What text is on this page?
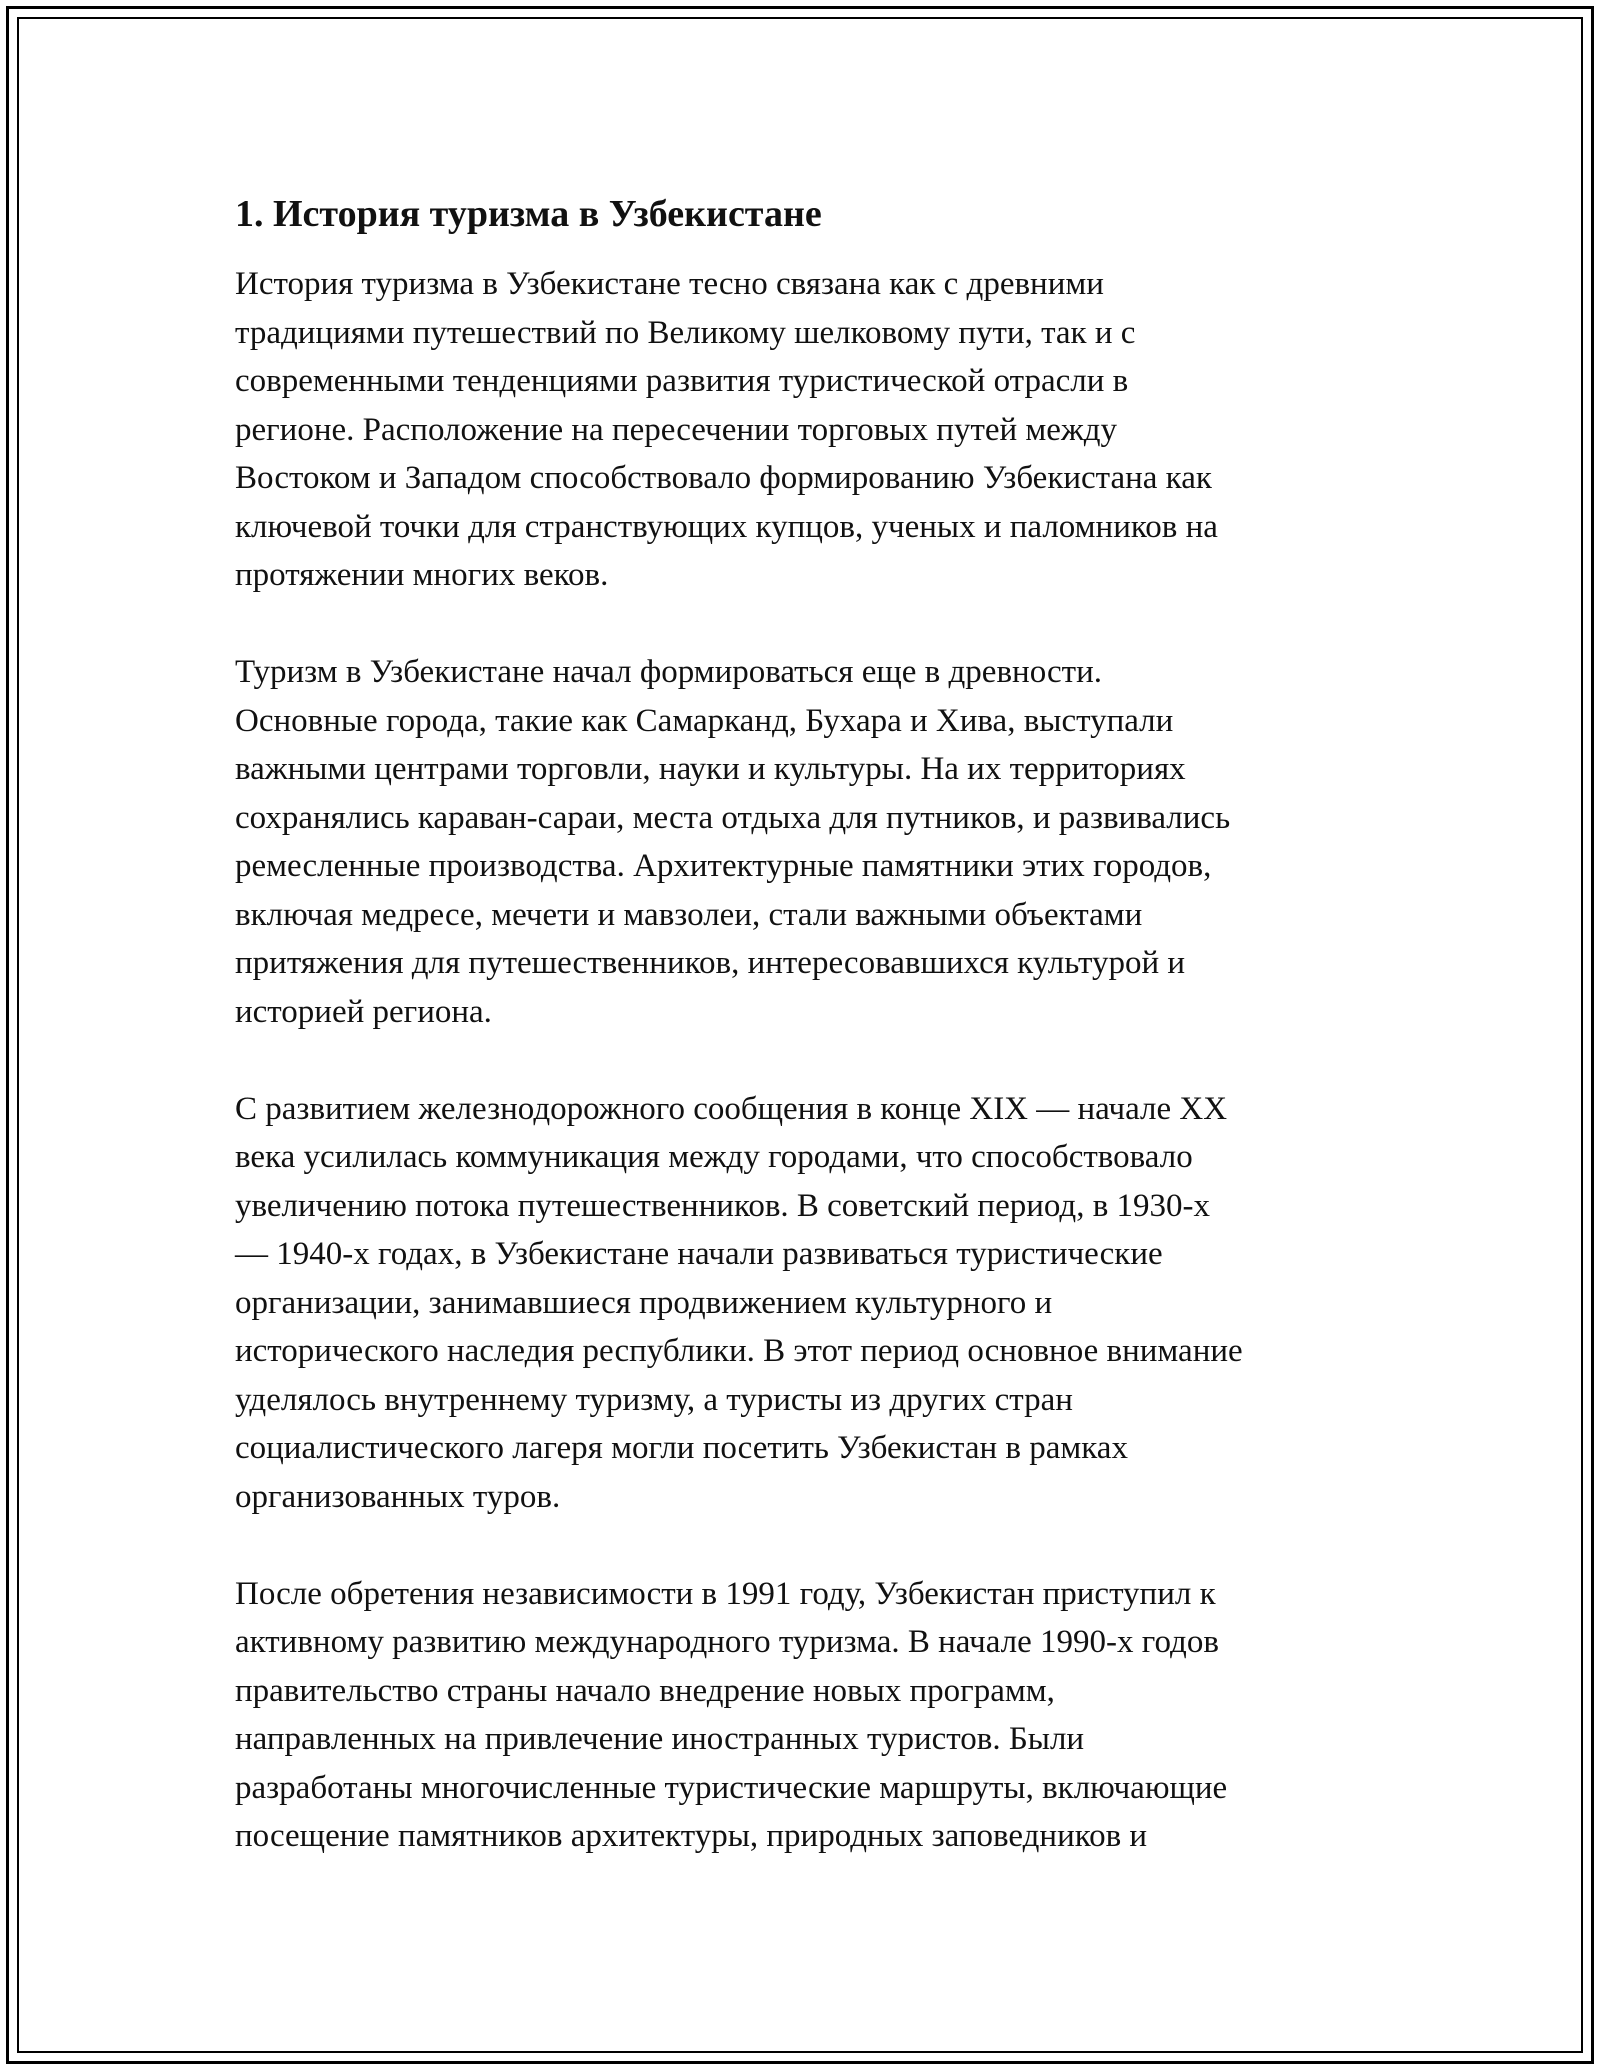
1. История туризма в Узбекистане

История туризма в Узбекистане тесно связана как с древними
традициями путешествий по Великому шелковому пути, так и с
современными тенденциями развития туристической отрасли в
регионе. Расположение на пересечении торговых путей между
Востоком и Западом способствовало формированию Узбекистана как
ключевой точки для странствующих купцов, ученых и паломников на
протяжении многих веков.

Туризм в Узбекистане начал формироваться еще в древности.
Основные города, такие как Самарканд, Бухара и Хива, выступали
важными центрами торговли, науки и культуры. На их территориях
сохранялись караван-сараи, места отдыха для путников, и развивались
ремесленные производства. Архитектурные памятники этих городов,
включая медресе, мечети и мавзолеи, стали важными объектами
притяжения для путешественников, интересовавшихся культурой и
историей региона.

С развитием железнодорожного сообщения в конце XIX — начале XX
века усилилась коммуникация между городами, что способствовало
увеличению потока путешественников. В советский период, в 1930-х
— 1940-х годах, в Узбекистане начали развиваться туристические
организации, занимавшиеся продвижением культурного и
исторического наследия республики. В этот период основное внимание
уделялось внутреннему туризму, а туристы из других стран
социалистического лагеря могли посетить Узбекистан в рамках
организованных туров.

После обретения независимости в 1991 году, Узбекистан приступил к
активному развитию международного туризма. В начале 1990-х годов
правительство страны начало внедрение новых программ,
направленных на привлечение иностранных туристов. Были
разработаны многочисленные туристические маршруты, включающие
посещение памятников архитектуры, природных заповедников и
